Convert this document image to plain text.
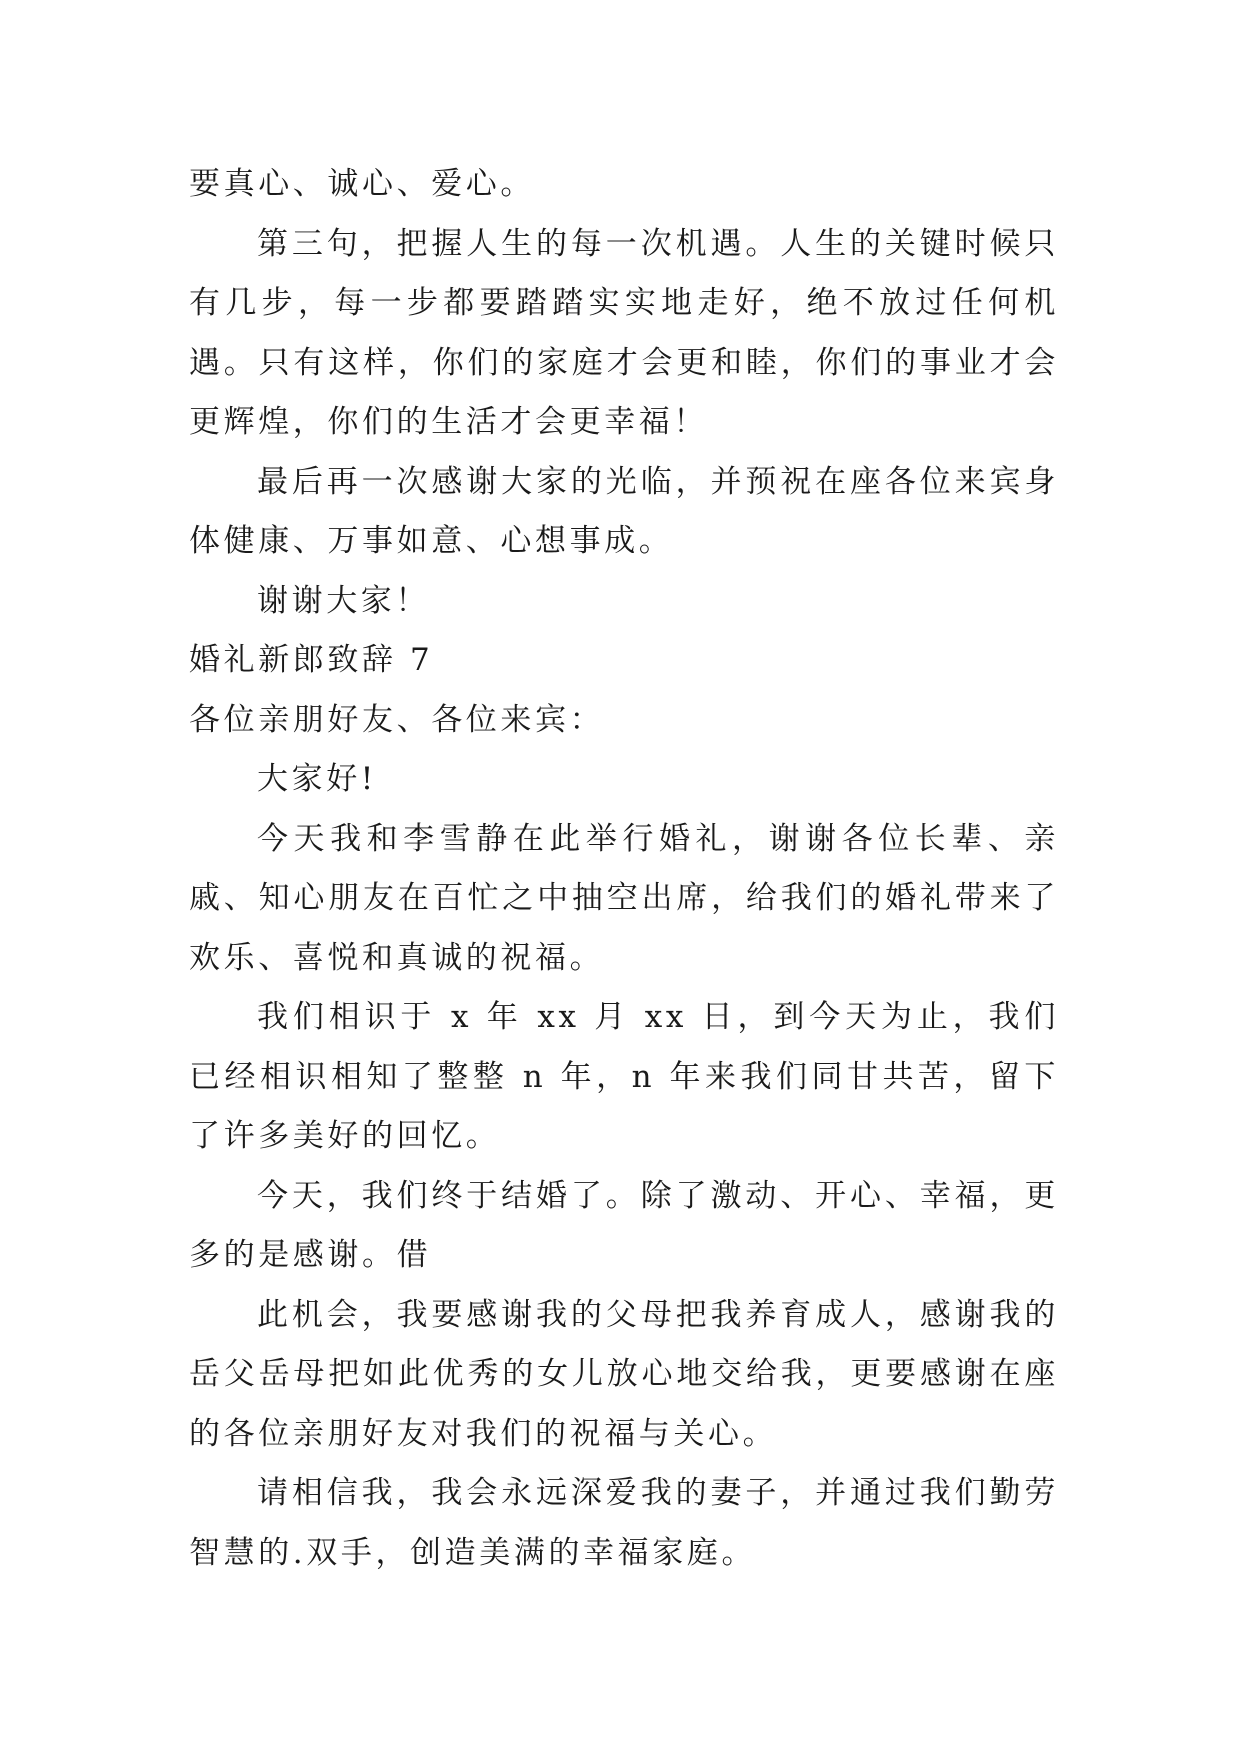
要真心、诚心、爱心。

第三句，把握人生的每一次机遇。人生的关键时候只有几步，每一步都要踏踏实实地走好，绝不放过任何机遇。只有这样，你们的家庭才会更和睦，你们的事业才会更辉煌，你们的生活才会更幸福！

最后再一次感谢大家的光临，并预祝在座各位来宾身体健康、万事如意、心想事成。

谢谢大家！

婚礼新郎致辞 7

各位亲朋好友、各位来宾：

大家好!

今天我和李雪静在此举行婚礼，谢谢各位长辈、亲戚、知心朋友在百忙之中抽空出席，给我们的婚礼带来了欢乐、喜悦和真诚的祝福。

我们相识于 x 年 xx 月 xx 日，到今天为止，我们已经相识相知了整整 n 年，n 年来我们同甘共苦，留下了许多美好的回忆。

今天，我们终于结婚了。除了激动、开心、幸福，更多的是感谢。借

此机会，我要感谢我的父母把我养育成人，感谢我的岳父岳母把如此优秀的女儿放心地交给我，更要感谢在座的各位亲朋好友对我们的祝福与关心。

请相信我，我会永远深爱我的妻子，并通过我们勤劳智慧的.双手，创造美满的幸福家庭。
